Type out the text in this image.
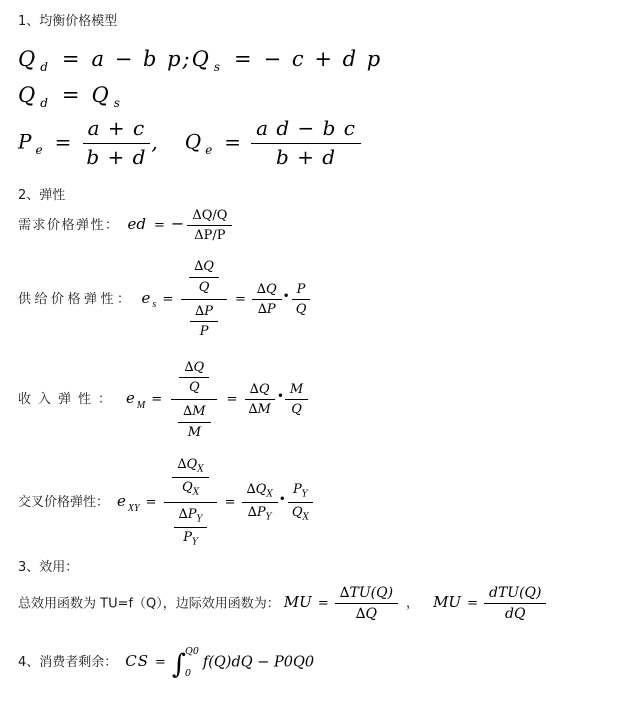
1、均衡价格模型
Q $_d$ = a − b p;Q $_s$ = − c + d p
Q $_d$ = Q $_s$
P $_e = \frac{a + c}{b + d}$ , Q $_e = \frac{\text{a d − b c}}{b + d}$
2、弹性
需求价格弹性： ed = − $\frac{\Delta Q/Q}{\Delta P/P}$
供给价格弹性： e $_s = \frac{\frac{\Delta Q}{Q}}{\frac{\Delta P}{P}} = \frac{\Delta Q}{\Delta P}$ • $\frac{P}{Q}$
收入弹性： e $_M = \frac{\frac{\Delta Q}{Q}}{\frac{\Delta M}{M}} = \frac{\Delta Q}{\Delta M}$ • $\frac{M}{Q}$
交叉价格弹性： e $_{XY}$ =
$\frac{\Delta Q_X}{Q_X}$
$\frac{\Delta P_Y}{P_Y}$
= $\frac{\Delta Q_X}{\Delta P_Y}$ • $\frac{P_Y}{Q_X}$
3、效用：
总效用函数为 TU=f（Q），边际效用函数为： MU = $\frac{\Delta TU(Q)}{\Delta Q}$ ， MU = $\frac{\text{dTU(Q)}}{dQ}$
4、消费者剩余： CS = ∫ Q0
0
f(Q)dQ − P0Q0
